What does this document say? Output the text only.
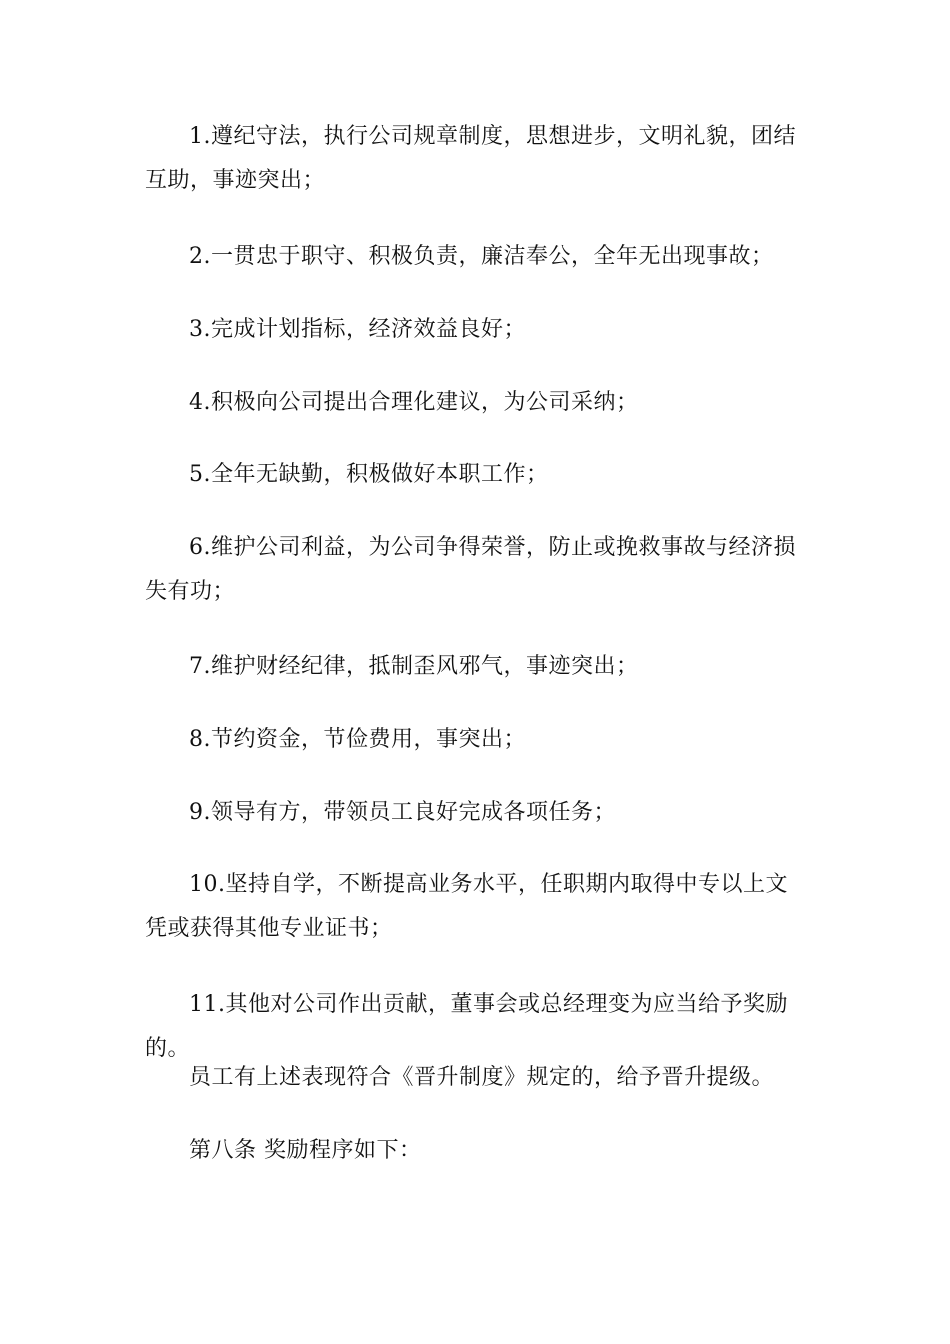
1.遵纪守法，执行公司规章制度，思想进步，文明礼貌，团结互助，事迹突出；

2.一贯忠于职守、积极负责，廉洁奉公，全年无出现事故；

3.完成计划指标，经济效益良好；

4.积极向公司提出合理化建议，为公司采纳；

5.全年无缺勤，积极做好本职工作；

6.维护公司利益，为公司争得荣誉，防止或挽救事故与经济损失有功；

7.维护财经纪律，抵制歪风邪气，事迹突出；

8.节约资金，节俭费用，事突出；

9.领导有方，带领员工良好完成各项任务；

10.坚持自学，不断提高业务水平，任职期内取得中专以上文凭或获得其他专业证书；

11.其他对公司作出贡献，董事会或总经理变为应当给予奖励的。

员工有上述表现符合《晋升制度》规定的，给予晋升提级。

第八条 奖励程序如下：
